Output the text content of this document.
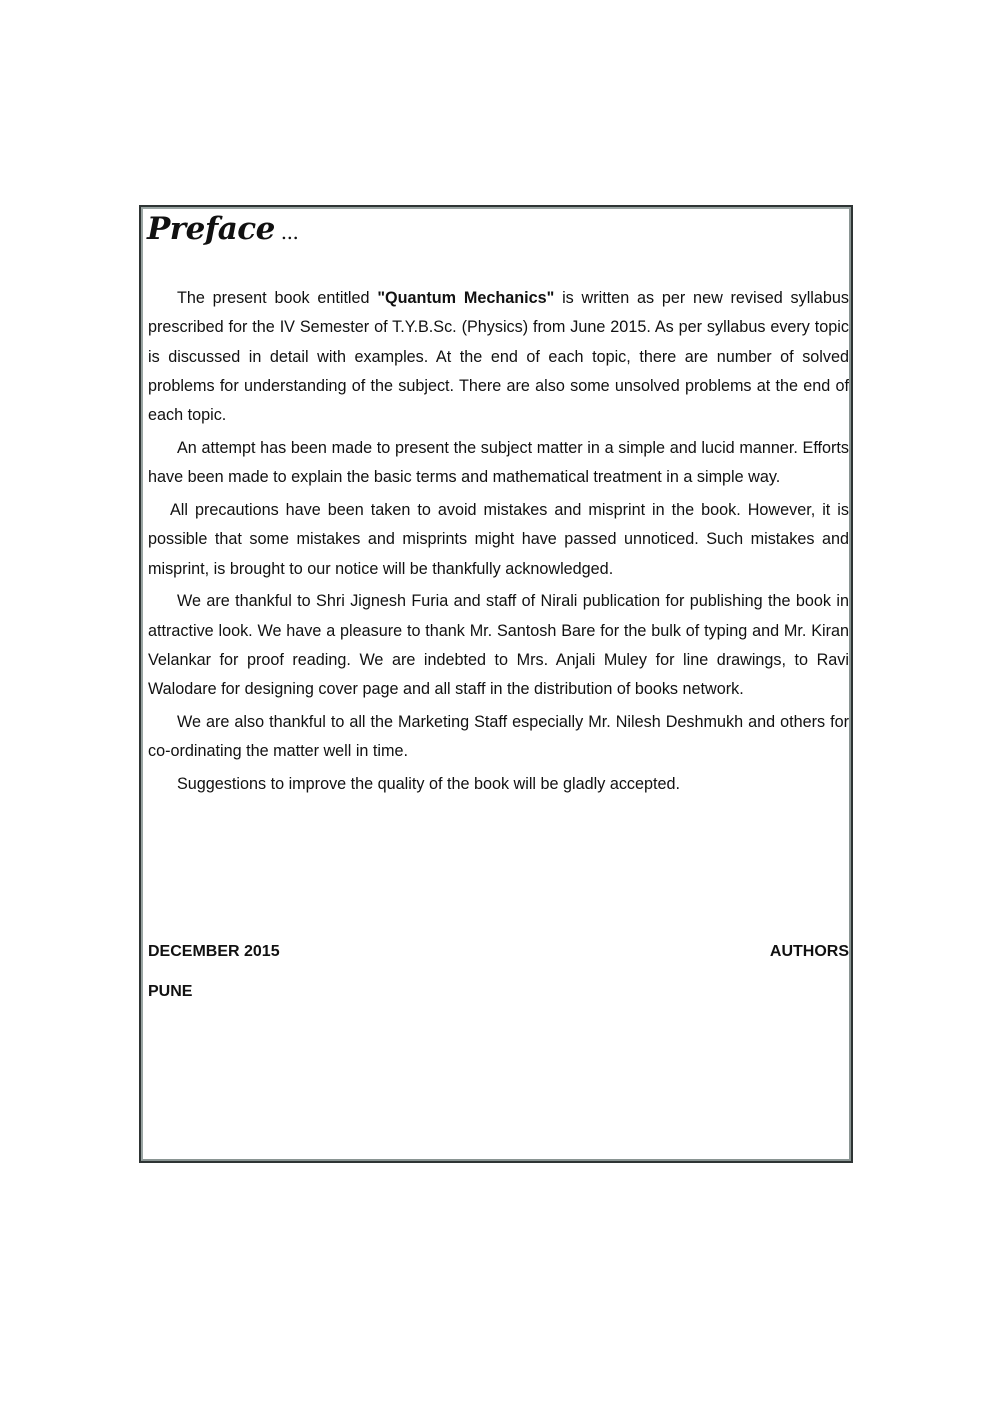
Preface ...

The present book entitled "Quantum Mechanics" is written as per new revised syllabus prescribed for the IV Semester of T.Y.B.Sc. (Physics) from June 2015. As per syllabus every topic is discussed in detail with examples. At the end of each topic, there are number of solved problems for understanding of the subject. There are also some unsolved problems at the end of each topic.

An attempt has been made to present the subject matter in a simple and lucid manner. Efforts have been made to explain the basic terms and mathematical treatment in a simple way.

All precautions have been taken to avoid mistakes and misprint in the book. However, it is possible that some mistakes and misprints might have passed unnoticed. Such mistakes and misprint, is brought to our notice will be thankfully acknowledged.

We are thankful to Shri Jignesh Furia and staff of Nirali publication for publishing the book in attractive look. We have a pleasure to thank Mr. Santosh Bare for the bulk of typing and Mr. Kiran Velankar for proof reading. We are indebted to Mrs. Anjali Muley for line drawings, to Ravi Walodare for designing cover page and all staff in the distribution of books network.

We are also thankful to all the Marketing Staff especially Mr. Nilesh Deshmukh and others for co-ordinating the matter well in time.

Suggestions to improve the quality of the book will be gladly accepted.

DECEMBER 2015	AUTHORS
PUNE
